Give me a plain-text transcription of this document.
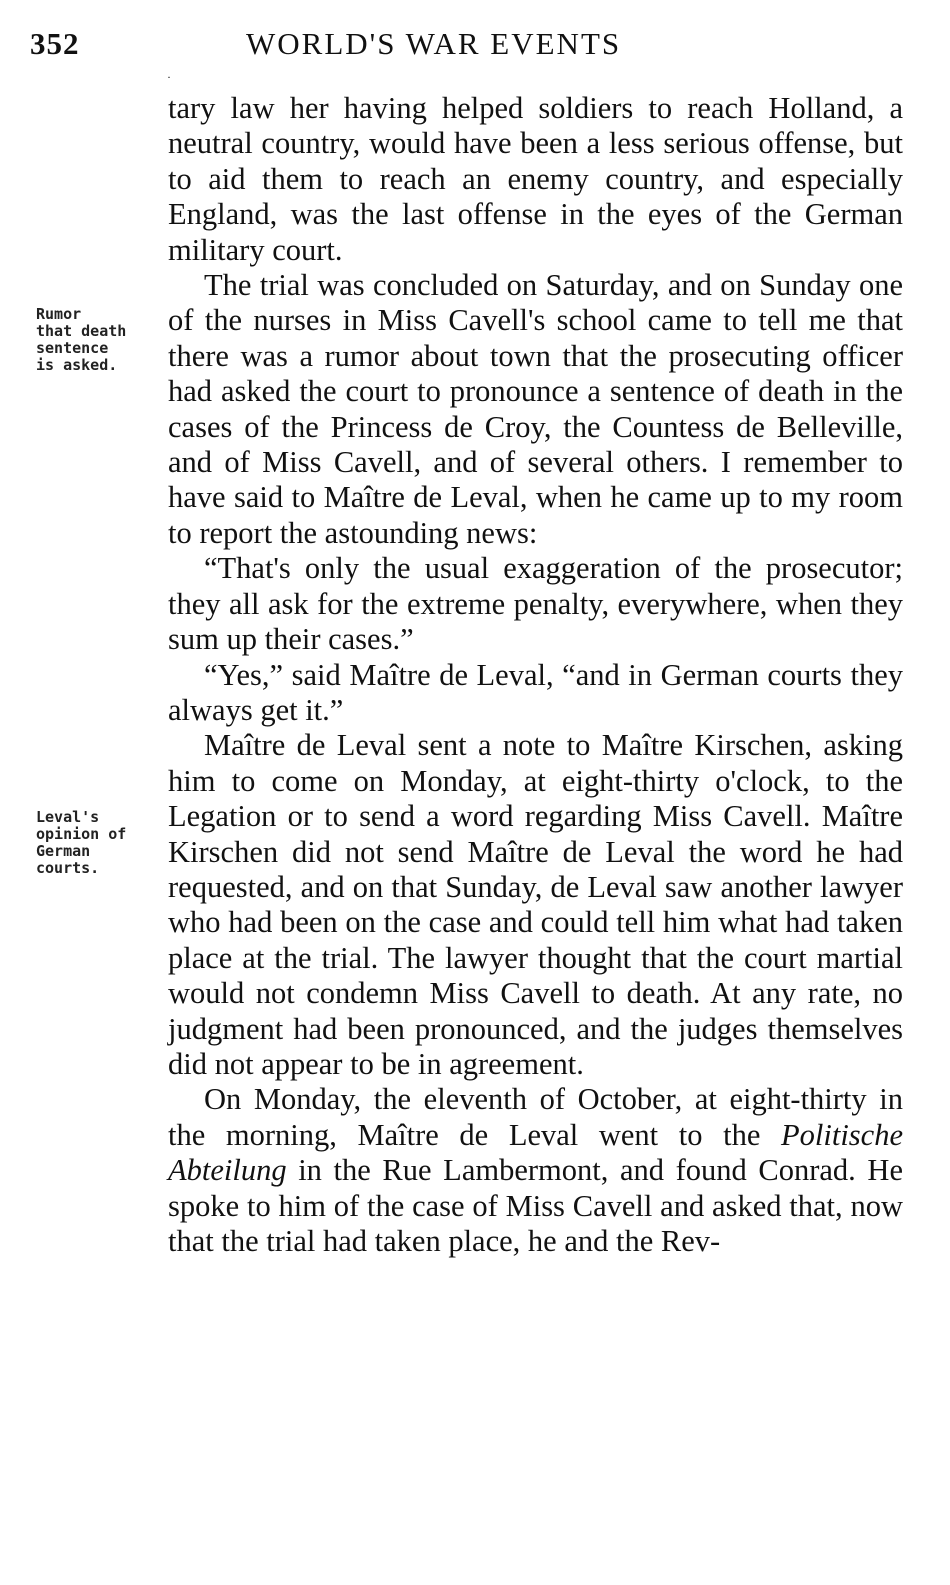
352	WORLD'S WAR EVENTS
·
Rumor
that death
sentence
is asked.
Leval's
opinion of
German
courts.

tary law her having helped soldiers to reach Holland, a neutral country, would have been a less serious offense, but to aid them to reach an enemy country, and especially England, was the last offense in the eyes of the German military court.

The trial was concluded on Saturday, and on Sunday one of the nurses in Miss Cavell's school came to tell me that there was a rumor about town that the prosecuting officer had asked the court to pronounce a sentence of death in the cases of the Princess de Croy, the Countess de Belleville, and of Miss Cavell, and of several others. I remember to have said to Maître de Leval, when he came up to my room to report the astounding news:

“That's only the usual exaggeration of the prosecutor; they all ask for the extreme penalty, everywhere, when they sum up their cases.”

“Yes,” said Maître de Leval, “and in German courts they always get it.”

Maître de Leval sent a note to Maître Kirschen, asking him to come on Monday, at eight-thirty o'clock, to the Legation or to send a word regarding Miss Cavell. Maître Kirschen did not send Maître de Leval the word he had requested, and on that Sunday, de Leval saw another lawyer who had been on the case and could tell him what had taken place at the trial. The lawyer thought that the court martial would not condemn Miss Cavell to death. At any rate, no judgment had been pronounced, and the judges themselves did not appear to be in agreement.

On Monday, the eleventh of October, at eight-thirty in the morning, Maître de Leval went to the Politische Abteilung in the Rue Lambermont, and found Conrad. He spoke to him of the case of Miss Cavell and asked that, now that the trial had taken place, he and the Rev-
